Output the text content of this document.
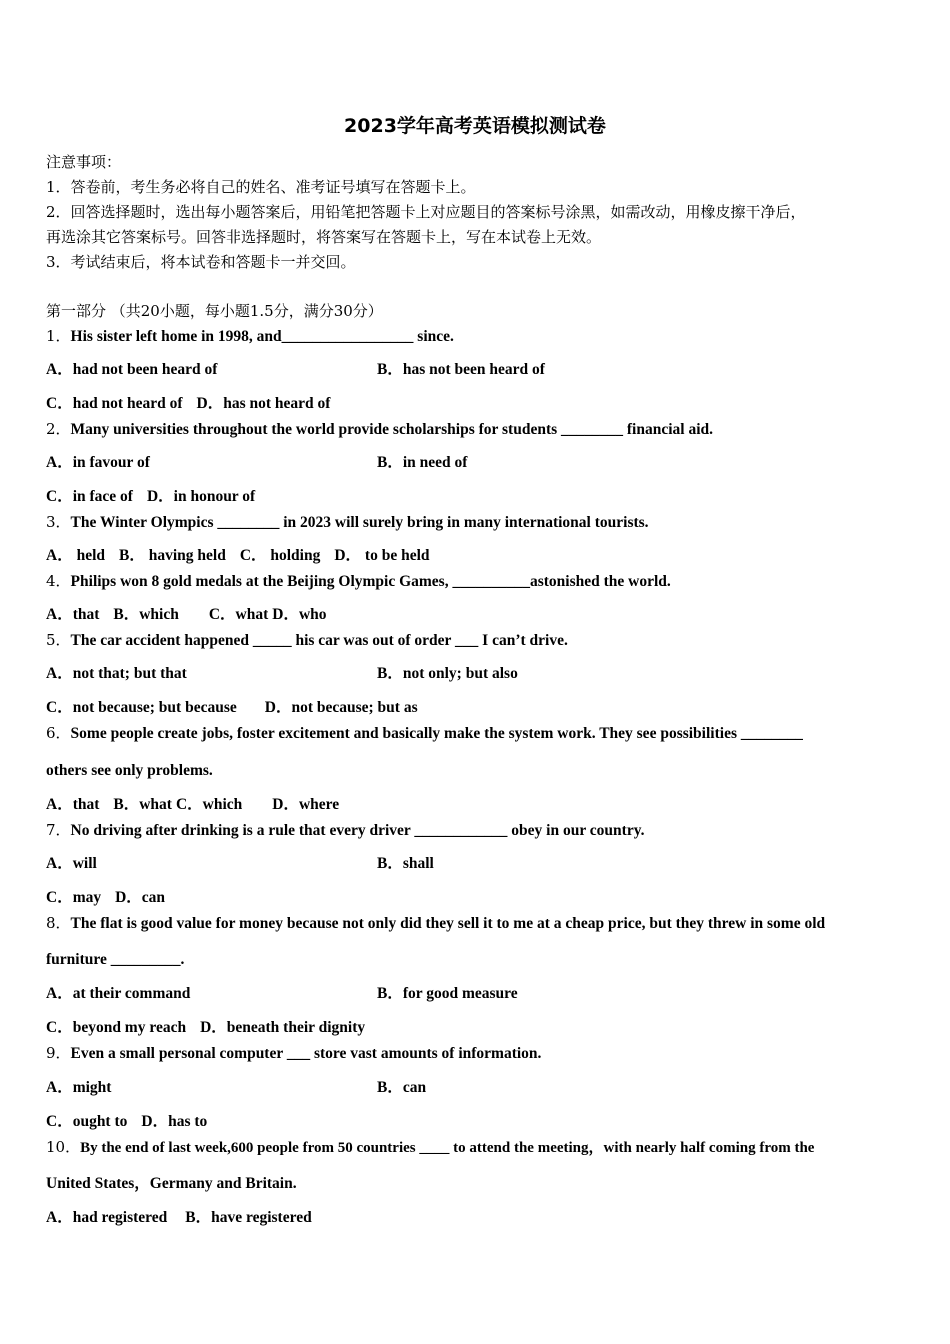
2023学年高考英语模拟测试卷
注意事项：
1．答卷前，考生务必将自己的姓名、准考证号填写在答题卡上。
2．回答选择题时，选出每小题答案后，用铅笔把答题卡上对应题目的答案标号涂黑，如需改动，用橡皮擦干净后，
再选涂其它答案标号。回答非选择题时，将答案写在答题卡上，写在本试卷上无效。
3．考试结束后，将本试卷和答题卡一并交回。
第一部分 （共20小题，每小题1.5分，满分30分）
1．His sister left home in 1998, and_________________ since.
A．had not been heard of	B．has not been heard of
C．had not heard of D．has not heard of
2．Many universities throughout the world provide scholarships for students ________ financial aid.
A．in favour of	B．in need of
C．in face of D．in honour of
3．The Winter Olympics ________ in 2023 will surely bring in many international tourists.
A． held B． having held C． holding D． to be held
4．Philips won 8 gold medals at the Beijing Olympic Games, __________astonished the world.
A．that B．which C．what D．who
5．The car accident happened _____ his car was out of order ___ I can’t drive.
A．not that; but that	B．not only; but also
C．not because; but because D．not because; but as
6．Some people create jobs, foster excitement and basically make the system work. They see possibilities ________
others see only problems.
A．that B．what C．which D．where
7．No driving after drinking is a rule that every driver ____________ obey in our country.
A．will	B．shall
C．may D．can
8．The flat is good value for money because not only did they sell it to me at a cheap price, but they threw in some old
furniture _________.
A．at their command	B．for good measure
C．beyond my reach D．beneath their dignity
9．Even a small personal computer ___ store vast amounts of information.
A．might	B．can
C．ought to D．has to
10．By the end of last week,600 people from 50 countries ____ to attend the meeting，with nearly half coming from the
United States，Germany and Britain.
A．had registered B．have registered
